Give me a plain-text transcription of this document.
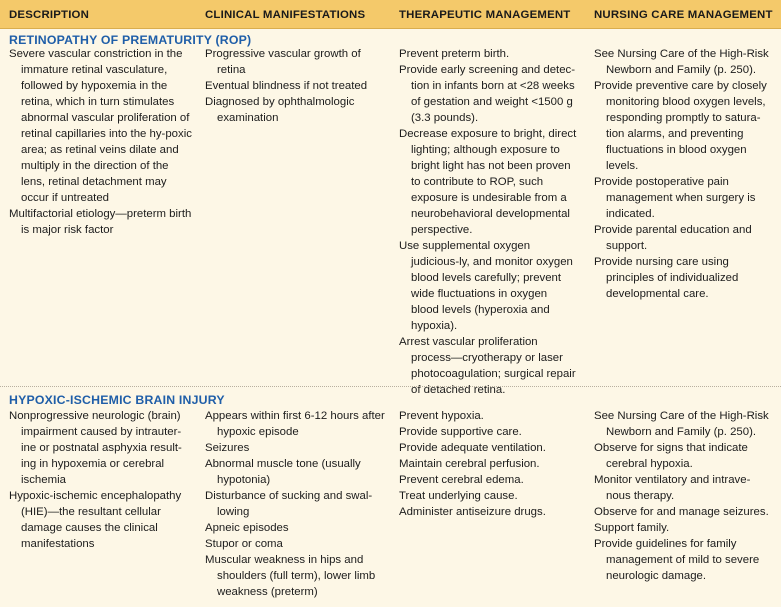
DESCRIPTION	CLINICAL MANIFESTATIONS	THERAPEUTIC MANAGEMENT NURSING CARE MANAGEMENT
RETINOPATHY OF PREMATURITY (ROP)

Severe vascular constriction in the immature retinal vasculature, followed by hypoxemia in the retina, which in turn stimulates abnormal vascular proliferation of retinal capillaries into the hy-poxic area; as retinal veins dilate and multiply in the direction of the lens, retinal detachment may occur if untreated

Multifactorial etiology—preterm birth is major risk factor

Progressive vascular growth of retina

Eventual blindness if not treated

Diagnosed by ophthalmologic examination

Prevent preterm birth.

Provide early screening and detec-tion in infants born at <28 weeks of gestation and weight <1500 g (3.3 pounds).

Decrease exposure to bright, direct lighting; although exposure to bright light has not been proven to contribute to ROP, such exposure is undesirable from a neurobehavioral developmental perspective.

Use supplemental oxygen judicious-ly, and monitor oxygen blood levels carefully; prevent wide fluctuations in oxygen blood levels (hyperoxia and hypoxia).

Arrest vascular proliferation process—cryotherapy or laser photocoagulation; surgical repair of detached retina.

See Nursing Care of the High-Risk Newborn and Family (p. 250).

Provide preventive care by closely monitoring blood oxygen levels, responding promptly to satura-tion alarms, and preventing fluctuations in blood oxygen levels.

Provide postoperative pain management when surgery is indicated.

Provide parental education and support.

Provide nursing care using principles of individualized developmental care.

HYPOXIC-ISCHEMIC BRAIN INJURY

Nonprogressive neurologic (brain) impairment caused by intrauter-ine or postnatal asphyxia result-ing in hypoxemia or cerebral ischemia

Hypoxic-ischemic encephalopathy (HIE)—the resultant cellular damage causes the clinical manifestations

Appears within first 6-12 hours after hypoxic episode

Seizures

Abnormal muscle tone (usually hypotonia)

Disturbance of sucking and swal-lowing

Apneic episodes

Stupor or coma

Muscular weakness in hips and shoulders (full term), lower limb weakness (preterm)

Prevent hypoxia.

Provide supportive care.

Provide adequate ventilation.

Maintain cerebral perfusion.

Prevent cerebral edema.

Treat underlying cause.

Administer antiseizure drugs.

See Nursing Care of the High-Risk Newborn and Family (p. 250).

Observe for signs that indicate cerebral hypoxia.

Monitor ventilatory and intrave-nous therapy.

Observe for and manage seizures.

Support family.

Provide guidelines for family management of mild to severe neurologic damage.
